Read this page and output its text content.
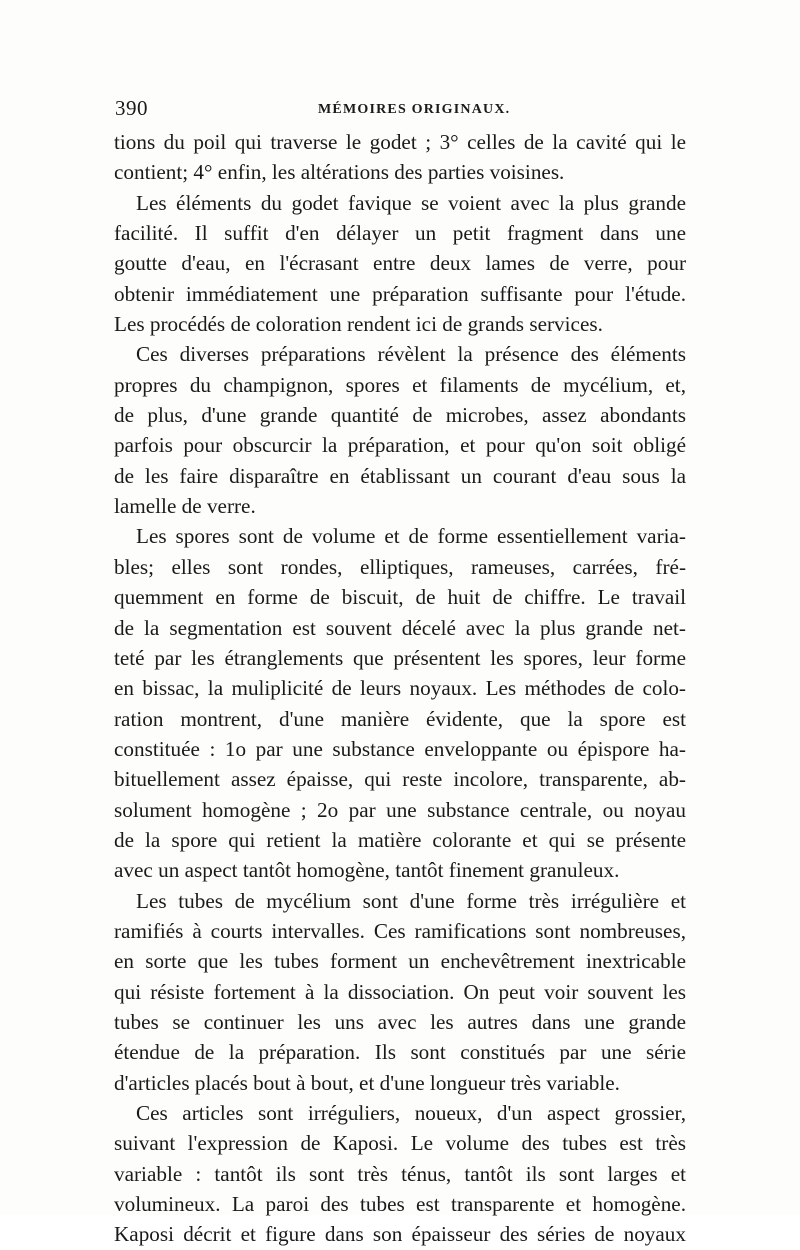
390	MÉMOIRES ORIGINAUX.
tions du poil qui traverse le godet ; 3° celles de la cavité qui le
contient; 4° enfin, les altérations des parties voisines.
Les éléments du godet favique se voient avec la plus grande
facilité. Il suffit d'en délayer un petit fragment dans une
goutte d'eau, en l'écrasant entre deux lames de verre, pour
obtenir immédiatement une préparation suffisante pour l'étude.
Les procédés de coloration rendent ici de grands services.
Ces diverses préparations révèlent la présence des éléments
propres du champignon, spores et filaments de mycélium, et,
de plus, d'une grande quantité de microbes, assez abondants
parfois pour obscurcir la préparation, et pour qu'on soit obligé
de les faire disparaître en établissant un courant d'eau sous la
lamelle de verre.
Les spores sont de volume et de forme essentiellement varia-
bles; elles sont rondes, elliptiques, rameuses, carrées, fré-
quemment en forme de biscuit, de huit de chiffre. Le travail
de la segmentation est souvent décelé avec la plus grande net-
teté par les étranglements que présentent les spores, leur forme
en bissac, la muliplicité de leurs noyaux. Les méthodes de colo-
ration montrent, d'une manière évidente, que la spore est
constituée : 1o par une substance enveloppante ou épispore ha-
bituellement assez épaisse, qui reste incolore, transparente, ab-
solument homogène ; 2o par une substance centrale, ou noyau
de la spore qui retient la matière colorante et qui se présente
avec un aspect tantôt homogène, tantôt finement granuleux.
Les tubes de mycélium sont d'une forme très irrégulière et
ramifiés à courts intervalles. Ces ramifications sont nombreuses,
en sorte que les tubes forment un enchevêtrement inextricable
qui résiste fortement à la dissociation. On peut voir souvent les
tubes se continuer les uns avec les autres dans une grande
étendue de la préparation. Ils sont constitués par une série
d'articles placés bout à bout, et d'une longueur très variable.
Ces articles sont irréguliers, noueux, d'un aspect grossier,
suivant l'expression de Kaposi. Le volume des tubes est très
variable : tantôt ils sont très ténus, tantôt ils sont larges et
volumineux. La paroi des tubes est transparente et homogène.
Kaposi décrit et figure dans son épaisseur des séries de noyaux
